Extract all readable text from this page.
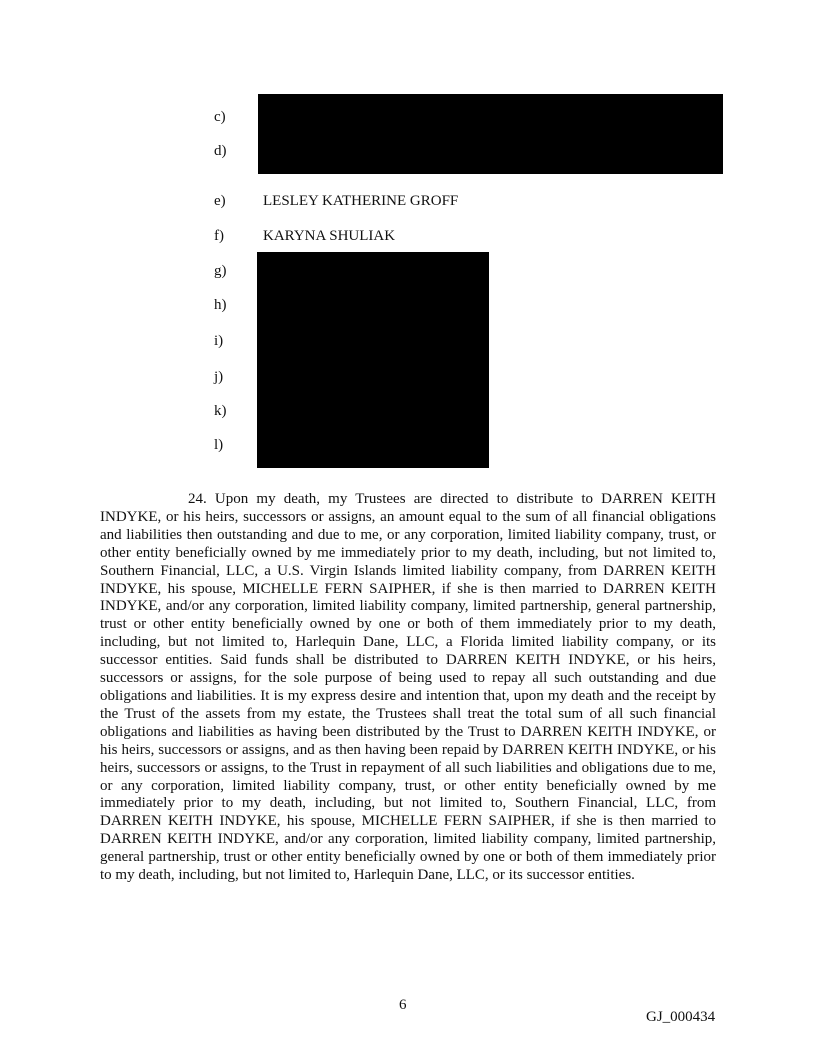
c)
d)
e) LESLEY KATHERINE GROFF
f)	KARYNA SHULIAK
g)
h)
i)
j)
k)
l)

24. Upon my death, my Trustees are directed to distribute to DARREN KEITH INDYKE, or his heirs, successors or assigns, an amount equal to the sum of all financial obligations and liabilities then outstanding and due to me, or any corporation, limited liability company, trust, or other entity beneficially owned by me immediately prior to my death, including, but not limited to, Southern Financial, LLC, a U.S. Virgin Islands limited liability company, from DARREN KEITH INDYKE, his spouse, MICHELLE FERN SAIPHER, if she is then married to DARREN KEITH INDYKE, and/or any corporation, limited liability company, limited partnership, general partnership, trust or other entity beneficially owned by one or both of them immediately prior to my death, including, but not limited to, Harlequin Dane, LLC, a Florida limited liability company, or its successor entities. Said funds shall be distributed to DARREN KEITH INDYKE, or his heirs, successors or assigns, for the sole purpose of being used to repay all such outstanding and due obligations and liabilities. It is my express desire and intention that, upon my death and the receipt by the Trust of the assets from my estate, the Trustees shall treat the total sum of all such financial obligations and liabilities as having been distributed by the Trust to DARREN KEITH INDYKE, or his heirs, successors or assigns, and as then having been repaid by DARREN KEITH INDYKE, or his heirs, successors or assigns, to the Trust in repayment of all such liabilities and obligations due to me, or any corporation, limited liability company, trust, or other entity beneficially owned by me immediately prior to my death, including, but not limited to, Southern Financial, LLC, from DARREN KEITH INDYKE, his spouse, MICHELLE FERN SAIPHER, if she is then married to DARREN KEITH INDYKE, and/or any corporation, limited liability company, limited partnership, general partnership, trust or other entity beneficially owned by one or both of them immediately prior to my death, including, but not limited to, Harlequin Dane, LLC, or its successor entities.

6
GJ_000434
